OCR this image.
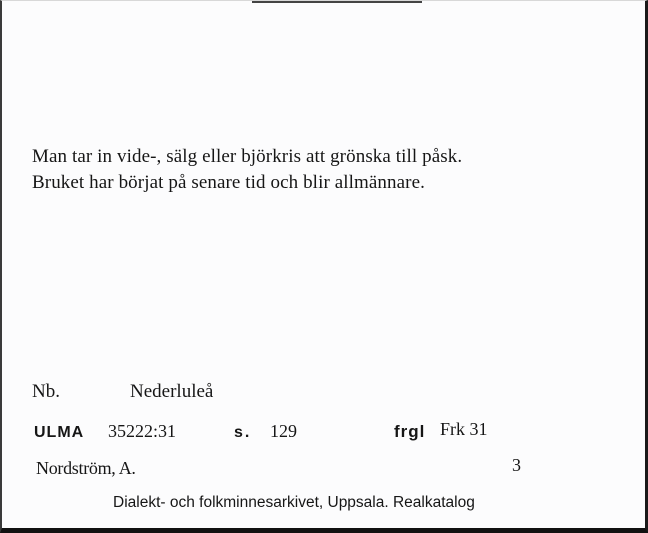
Man tar in vide-, sälg eller björkris att grönska till påsk.
Bruket har börjat på senare tid och blir allmännare.
Nb.	Nederluleå
ULMA 35222:31	s. 129	frgl Frk 31
Nordström, A.	3
Dialekt- och folkminnesarkivet, Uppsala. Realkatalog
